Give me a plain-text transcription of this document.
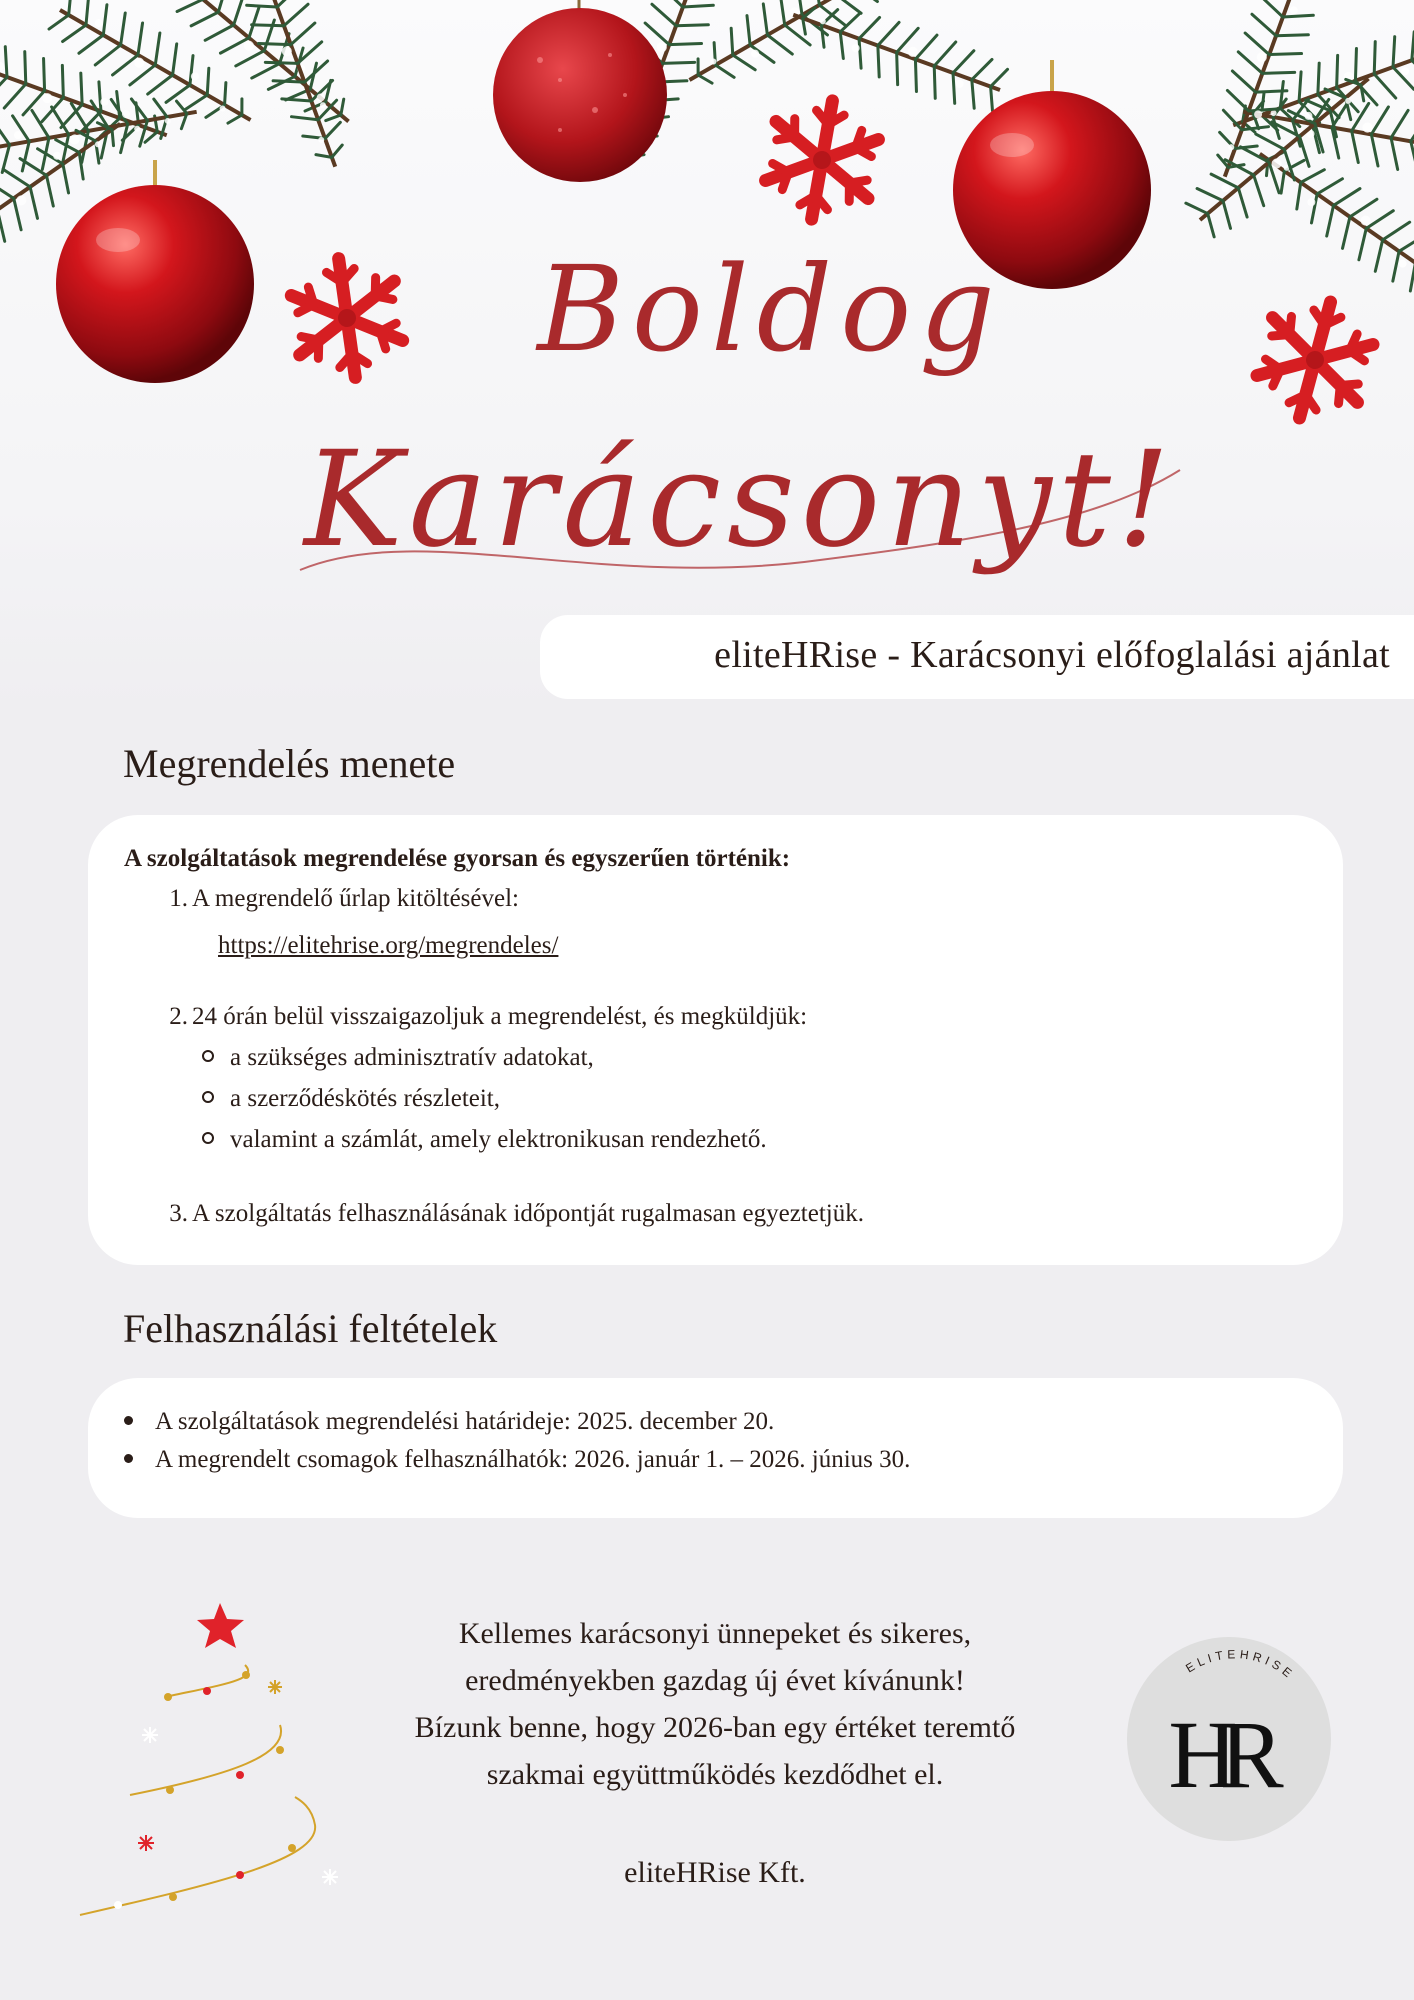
Boldog
Karácsonyt!
eliteHRise - Karácsonyi előfoglalási ajánlat
Megrendelés menete
A szolgáltatások megrendelése gyorsan és egyszerűen történik:
1. A megrendelő űrlap kitöltésével:
https://elitehrise.org/megrendeles/
2. 24 órán belül visszaigazoljuk a megrendelést, és megküldjük:
a szükséges adminisztratív adatokat,
a szerződéskötés részleteit,
valamint a számlát, amely elektronikusan rendezhető.
3. A szolgáltatás felhasználásának időpontját rugalmasan egyeztetjük.
Felhasználási feltételek
A szolgáltatások megrendelési határideje: 2025. december 20.
A megrendelt csomagok felhasználhatók: 2026. január 1. – 2026. június 30.

Kellemes karácsonyi ünnepeket és sikeres,

eredményekben gazdag új évet kívánunk!

Bízunk benne, hogy 2026-ban egy értéket teremtő

szakmai együttműködés kezdődhet el.

eliteHRise Kft.
ELITEHRISE
HR
